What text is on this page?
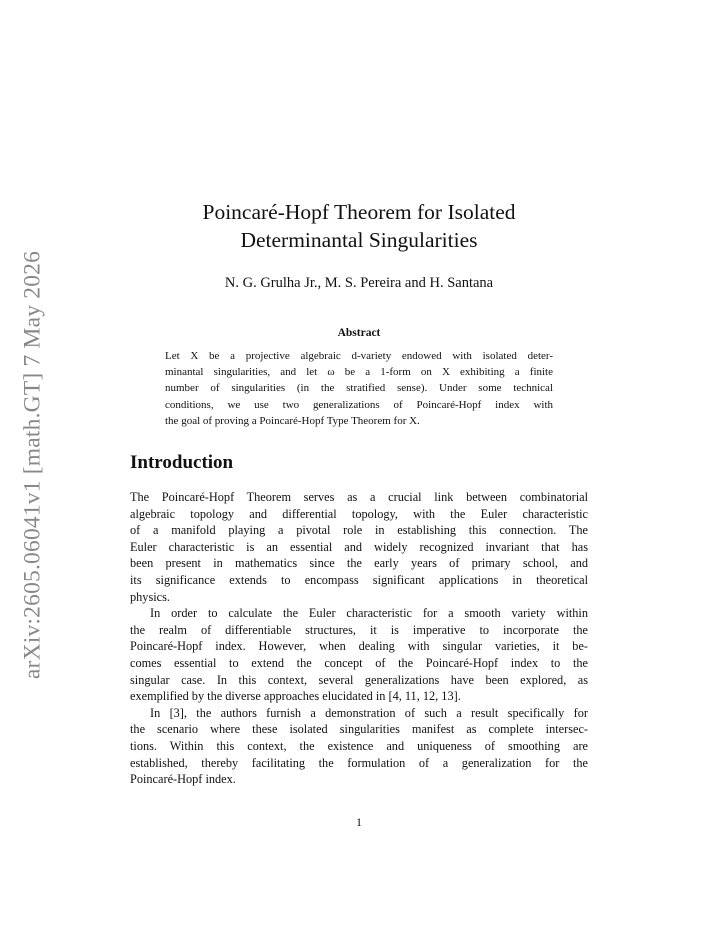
arXiv:2605.06041v1 [math.GT] 7 May 2026
Poincaré-Hopf Theorem for Isolated
Determinantal Singularities
N. G. Grulha Jr., M. S. Pereira and H. Santana
Abstract
Let X be a projective algebraic d-variety endowed with isolated deter-
minantal singularities, and let ω be a 1-form on X exhibiting a finite
number of singularities (in the stratified sense). Under some technical
conditions, we use two generalizations of Poincaré-Hopf index with
the goal of proving a Poincaré-Hopf Type Theorem for X.
Introduction
The Poincaré-Hopf Theorem serves as a crucial link between combinatorial
algebraic topology and differential topology, with the Euler characteristic
of a manifold playing a pivotal role in establishing this connection. The
Euler characteristic is an essential and widely recognized invariant that has
been present in mathematics since the early years of primary school, and
its significance extends to encompass significant applications in theoretical
physics.
In order to calculate the Euler characteristic for a smooth variety within
the realm of differentiable structures, it is imperative to incorporate the
Poincaré-Hopf index. However, when dealing with singular varieties, it be-
comes essential to extend the concept of the Poincaré-Hopf index to the
singular case. In this context, several generalizations have been explored, as
exemplified by the diverse approaches elucidated in [4, 11, 12, 13].
In [3], the authors furnish a demonstration of such a result specifically for
the scenario where these isolated singularities manifest as complete intersec-
tions. Within this context, the existence and uniqueness of smoothing are
established, thereby facilitating the formulation of a generalization for the
Poincaré-Hopf index.
1
